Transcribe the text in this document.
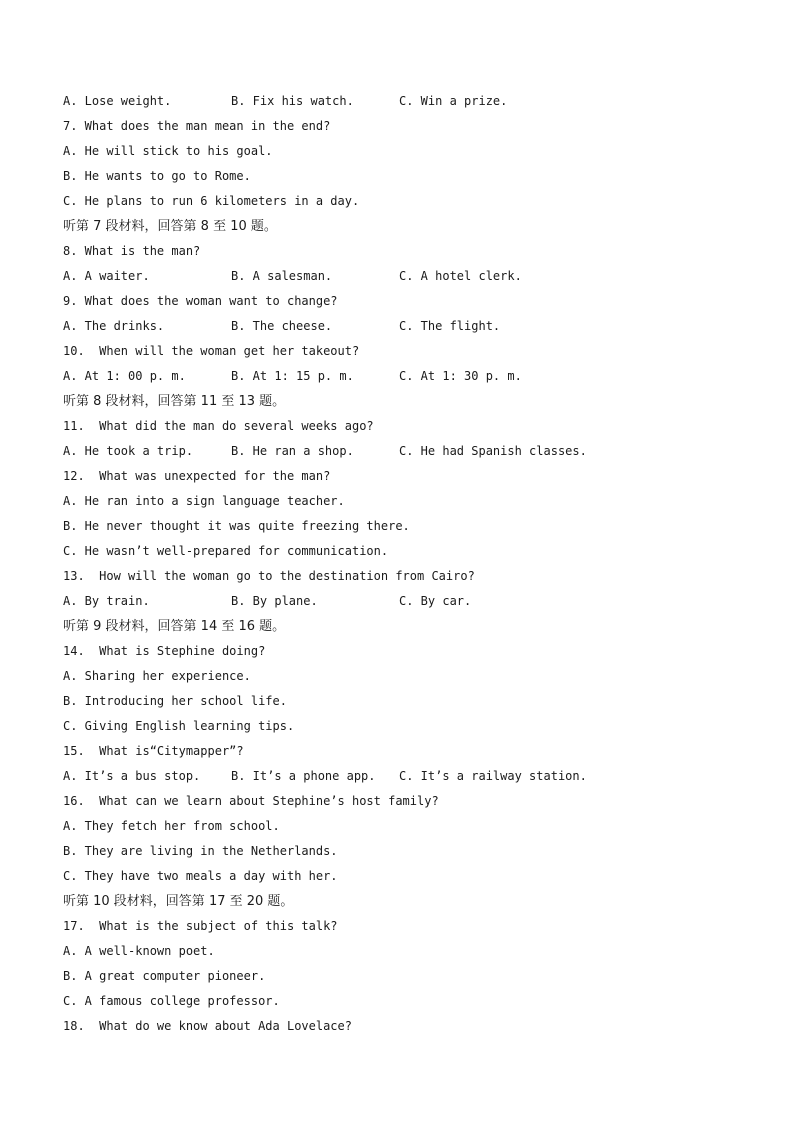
A. Lose weight.	B. Fix his watch.	C. Win a prize.
7. What does the man mean in the end?
A. He will stick to his goal.
B. He wants to go to Rome.
C. He plans to run 6 kilometers in a day.
听第 7 段材料，回答第 8 至 10 题。
8. What is the man?
A. A waiter.	B. A salesman.	C. A hotel clerk.
9. What does the woman want to change?
A. The drinks.	B. The cheese.	C. The flight.
10.  When will the woman get her takeout?
A. At 1: 00 p. m.	B. At 1: 15 p. m.	C. At 1: 30 p. m.
听第 8 段材料，回答第 11 至 13 题。
11.  What did the man do several weeks ago?
A. He took a trip.	B. He ran a shop.	C. He had Spanish classes.
12.  What was unexpected for the man?
A. He ran into a sign language teacher.
B. He never thought it was quite freezing there.
C. He wasn’t well-prepared for communication.
13.  How will the woman go to the destination from Cairo?
A. By train.	B. By plane.	C. By car.
听第 9 段材料，回答第 14 至 16 题。
14.  What is Stephine doing?
A. Sharing her experience.
B. Introducing her school life.
C. Giving English learning tips.
15.  What is“Citymapper”?
A. It’s a bus stop.	B. It’s a phone app. C. It’s a railway station.
16.  What can we learn about Stephine’s host family?
A. They fetch her from school.
B. They are living in the Netherlands.
C. They have two meals a day with her.
听第 10 段材料，回答第 17 至 20 题。
17.  What is the subject of this talk?
A. A well-known poet.
B. A great computer pioneer.
C. A famous college professor.
18.  What do we know about Ada Lovelace?
